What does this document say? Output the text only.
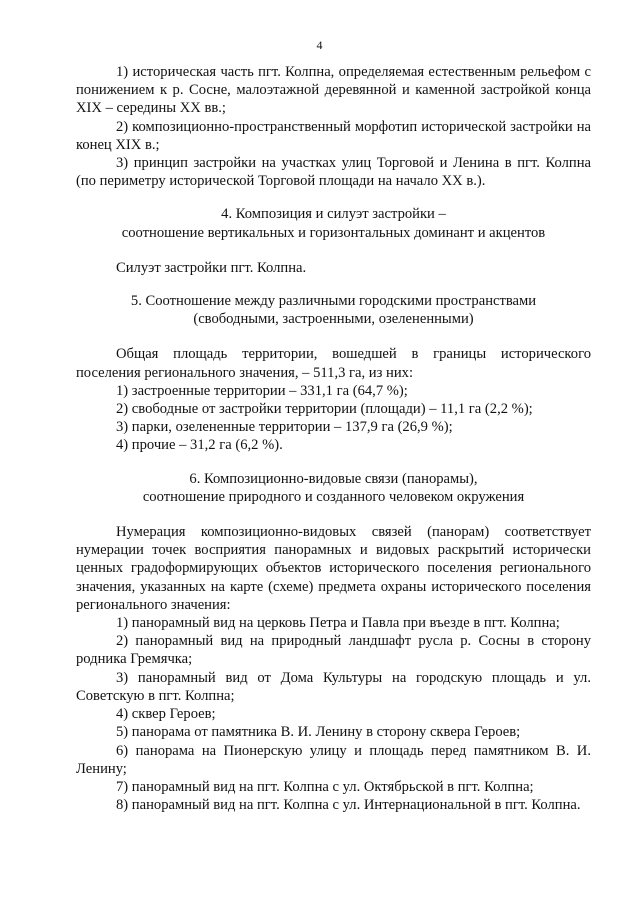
4

1) историческая часть пгт. Колпна, определяемая естественным рельефом с понижением к р. Сосне, малоэтажной деревянной и каменной застройкой конца XIX – середины XX вв.;

2) композиционно-пространственный морфотип исторической застройки на конец XIX в.;

3) принцип застройки на участках улиц Торговой и Ленина в пгт. Колпна (по периметру исторической Торговой площади на начало XX в.).

4. Композиция и силуэт застройки –

соотношение вертикальных и горизонтальных доминант и акцентов

Силуэт застройки пгт. Колпна.

5. Соотношение между различными городскими пространствами

(свободными, застроенными, озелененными)

Общая площадь территории, вошедшей в границы исторического поселения регионального значения, – 511,3 га, из них:

1) застроенные территории – 331,1 га (64,7 %);

2) свободные от застройки территории (площади) – 11,1 га (2,2 %);

3) парки, озелененные территории – 137,9 га (26,9 %);

4) прочие – 31,2 га (6,2 %).

6. Композиционно-видовые связи (панорамы),

соотношение природного и созданного человеком окружения

Нумерация композиционно-видовых связей (панорам) соответствует нумерации точек восприятия панорамных и видовых раскрытий исторически ценных градоформирующих объектов исторического поселения регионального значения, указанных на карте (схеме) предмета охраны исторического поселения регионального значения:

1) панорамный вид на церковь Петра и Павла при въезде в пгт. Колпна;

2) панорамный вид на природный ландшафт русла р. Сосны в сторону родника Гремячка;

3) панорамный вид от Дома Культуры на городскую площадь и ул. Советскую в пгт. Колпна;

4) сквер Героев;

5) панорама от памятника В. И. Ленину в сторону сквера Героев;

6) панорама на Пионерскую улицу и площадь перед памятником В. И. Ленину;

7) панорамный вид на пгт. Колпна с ул. Октябрьской в пгт. Колпна;

8) панорамный вид на пгт. Колпна с ул. Интернациональной в пгт. Колпна.
